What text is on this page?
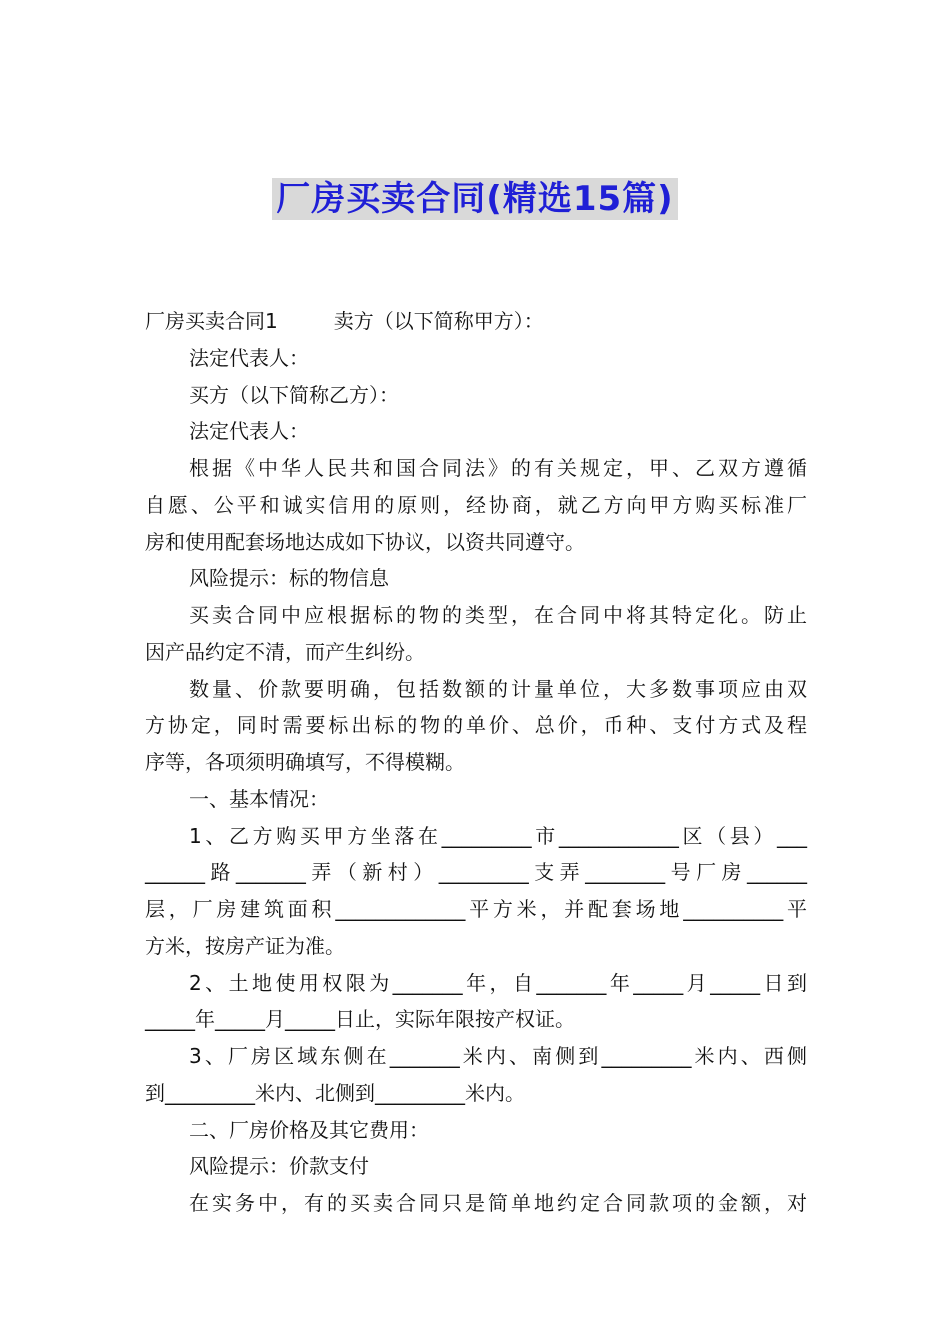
厂房买卖合同(精选15篇)
厂房买卖合同1	卖方（以下简称甲方）：
法定代表人：
买方（以下简称乙方）：
法定代表人：
根据《中华人民共和国合同法》的有关规定，甲、乙双方遵循
自愿、公平和诚实信用的原则，经协商，就乙方向甲方购买标准厂
房和使用配套场地达成如下协议，以资共同遵守。
风险提示：标的物信息
买卖合同中应根据标的物的类型，在合同中将其特定化。防止
因产品约定不清，而产生纠纷。
数量、价款要明确，包括数额的计量单位，大多数事项应由双
方协定，同时需要标出标的物的单价、总价，币种、支付方式及程
序等，各项须明确填写，不得模糊。
一、基本情况：
1、乙方购买甲方坐落在_________市____________区（县）___
______路_______弄（新村）_________支弄________号厂房______
层，厂房建筑面积_____________平方米，并配套场地__________平
方米，按房产证为准。
2、土地使用权限为_______年，自_______年_____月_____日到
_____年_____月_____日止，实际年限按产权证。
3、厂房区域东侧在_______米内、南侧到_________米内、西侧
到_________米内、北侧到_________米内。
二、厂房价格及其它费用：
风险提示：价款支付
在实务中，有的买卖合同只是简单地约定合同款项的金额，对
